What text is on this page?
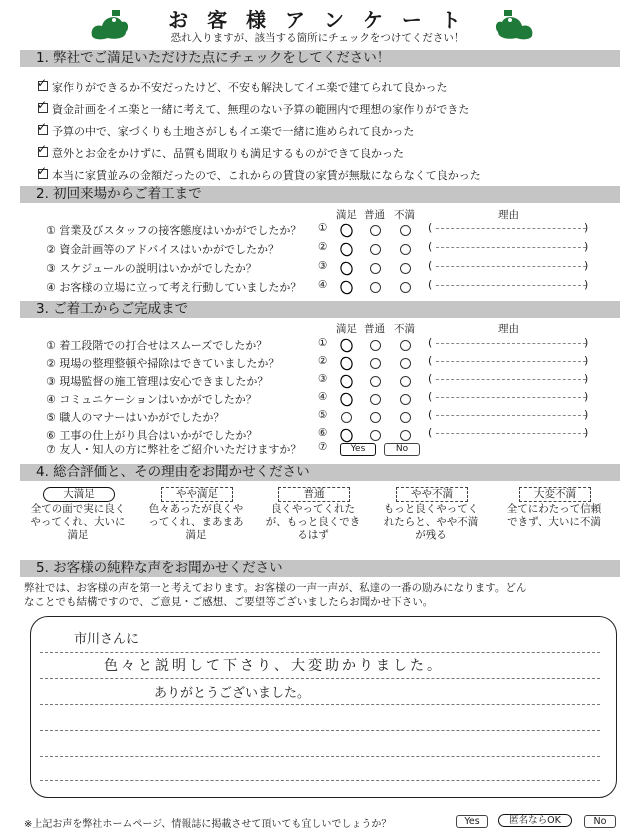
お 客 様 ア ン ケ ー ト
恐れ入りますが、該当する箇所にチェックをつけてください！
1. 弊社でご満足いただけた点にチェックをしてください！
✓家作りができるか不安だったけど、不安も解決してイエ楽で建てられて良かった
✓資金計画をイエ楽と一緒に考えて、無理のない予算の範囲内で理想の家作りができた
✓予算の中で、家づくりも土地さがしもイエ楽で一緒に進められて良かった
✓意外とお金をかけずに、品質も間取りも満足するものができて良かった
✓本当に家賃並みの金額だったので、これからの賃貸の家賃が無駄にならなくて良かった
2. 初回来場からご着工まで
満足 普通 不満	理由
① 営業及びスタッフの接客態度はいかがでしたか？ ①	(	)
② 資金計画等のアドバイスはいかがでしたか？	②	(	)
③ スケジュールの説明はいかがでしたか？	③	(	)
④ お客様の立場に立って考え行動していましたか？ ④	(	)
3. ご着工からご完成まで
満足 普通 不満	理由
① 着工段階での打合せはスムーズでしたか？	①	(	)
② 現場の整理整頓や掃除はできていましたか？	②	(	)
③ 現場監督の施工管理は安心できましたか？	③	(	)
④ コミュニケーションはいかがでしたか？	④	(	)
⑤ 職人のマナーはいかがでしたか？	⑤	(	)
⑥ 工事の仕上がり具合はいかがでしたか？	⑥	(	)
⑦ 友人・知人の方に弊社をご紹介いただけますか？ ⑦	Yes	No
4. 総合評価と、その理由をお聞かせください
大満足
全ての面で実に良くやってくれ、大いに満足
やや満足
色々あったが良くやってくれ、まあまあ満足
普通
良くやってくれたが、もっと良くできるはず
やや不満
もっと良くやってくれたらと、やや不満が残る
大変不満
全てにわたって信頼できず、大いに不満
5. お客様の純粋な声をお聞かせください
弊社では、お客様の声を第一と考えております。お客様の一声一声が、私達の一番の励みになります。どん
なことでも結構ですので、ご意見・ご感想、ご要望等ございましたらお聞かせ下さい。
市川さんに
色々と説明して下さり、大変助かりました。
ありがとうございました。
※上記お声を弊社ホームページ、情報誌に掲載させて頂いても宜しいでしょうか？	Yes	匿名ならOK	No
